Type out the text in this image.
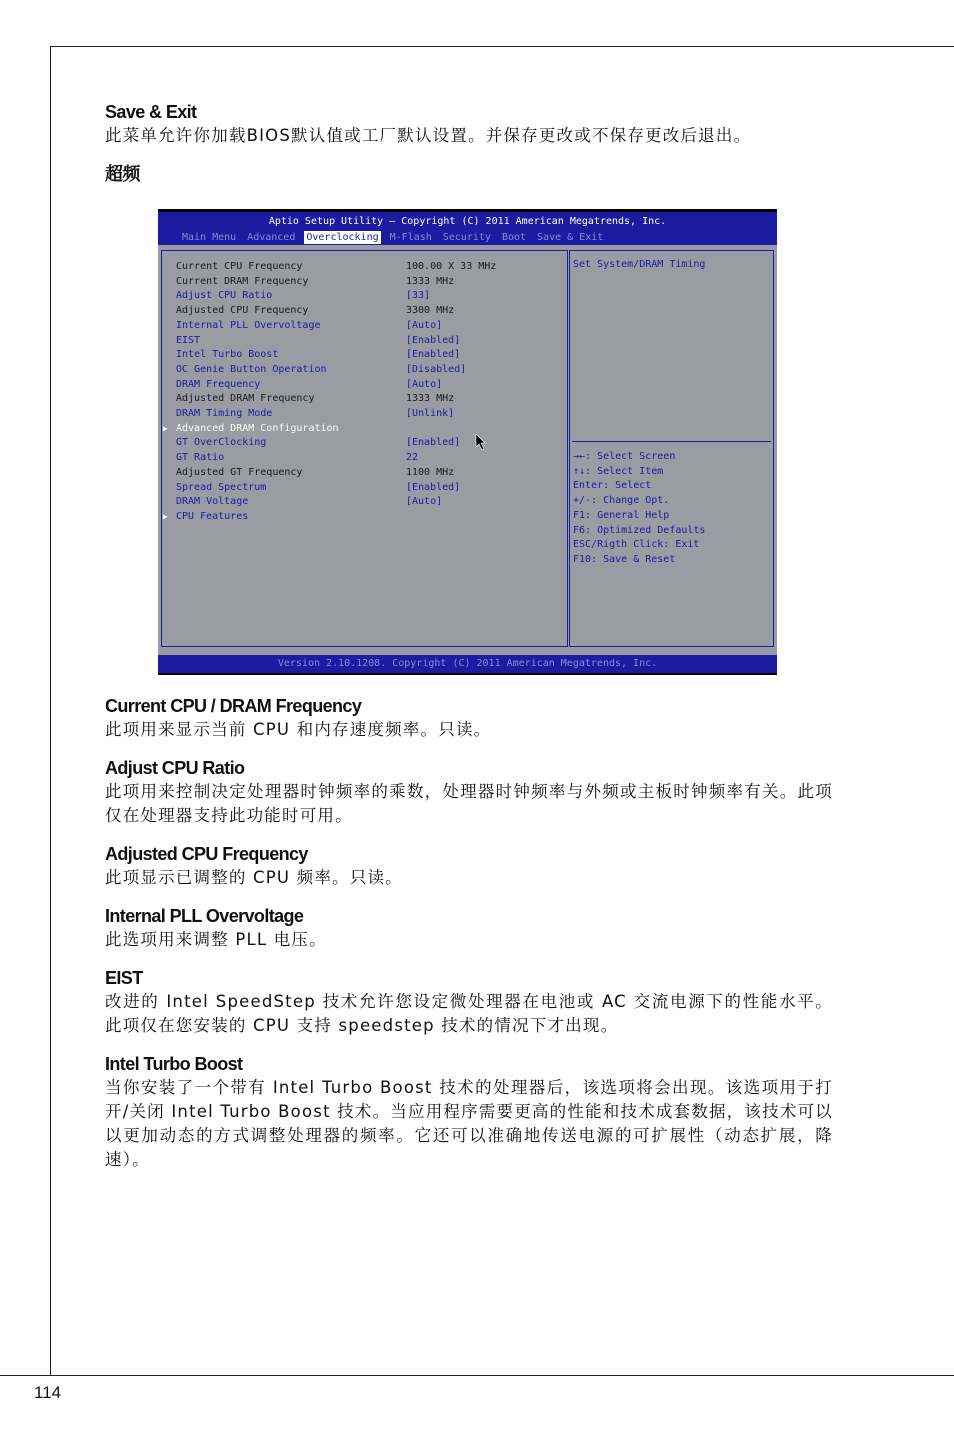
Save & Exit
此菜单允许你加载BIOS默认值或工厂默认设置。并保存更改或不保存更改后退出。
超频
Aptio Setup Utility – Copyright (C) 2011 American Megatrends, Inc.
Main Menu Advanced Overclocking M-Flash Security Boot Save & Exit
Current CPU Frequency	100.00 X 33 MHz
Current DRAM Frequency	1333 MHz
Adjust CPU Ratio	[33]
Adjusted CPU Frequency	3300 MHz
Internal PLL Overvoltage	[Auto]
EIST	[Enabled]
Intel Turbo Boost	[Enabled]
OC Genie Button Operation	[Disabled]
DRAM Frequency	[Auto]
Adjusted DRAM Frequency	1333 MHz
DRAM Timing Mode	[Unlink]
▶ Advanced DRAM Configuration
GT OverClocking	[Enabled]
GT Ratio	22
Adjusted GT Frequency	1100 MHz
Spread Spectrum	[Enabled]
DRAM Voltage	[Auto]
▶ CPU Features
Set System/DRAM Timing
→←: Select Screen
↑↓: Select Item
Enter: Select
+/-: Change Opt.
F1: General Help
F6: Optimized Defaults
ESC/Rigth Click: Exit
F10: Save & Reset
Version 2.10.1208. Copyright (C) 2011 American Megatrends, Inc.
Current CPU / DRAM Frequency
此项用来显示当前 CPU 和内存速度频率。只读。
Adjust CPU Ratio
此项用来控制决定处理器时钟频率的乘数，处理器时钟频率与外频或主板时钟频率有关。此项仅在处理器支持此功能时可用。
Adjusted CPU Frequency
此项显示已调整的 CPU 频率。只读。
Internal PLL Overvoltage
此选项用来调整 PLL 电压。
EIST
改进的 Intel SpeedStep 技术允许您设定微处理器在电池或 AC 交流电源下的性能水平。此项仅在您安装的 CPU 支持 speedstep 技术的情况下才出现。
Intel Turbo Boost
当你安装了一个带有 Intel Turbo Boost 技术的处理器后，该选项将会出现。该选项用于打开/关闭 Intel Turbo Boost 技术。当应用程序需要更高的性能和技术成套数据，该技术可以以更加动态的方式调整处理器的频率。它还可以准确地传送电源的可扩展性（动态扩展，降速）。
114
